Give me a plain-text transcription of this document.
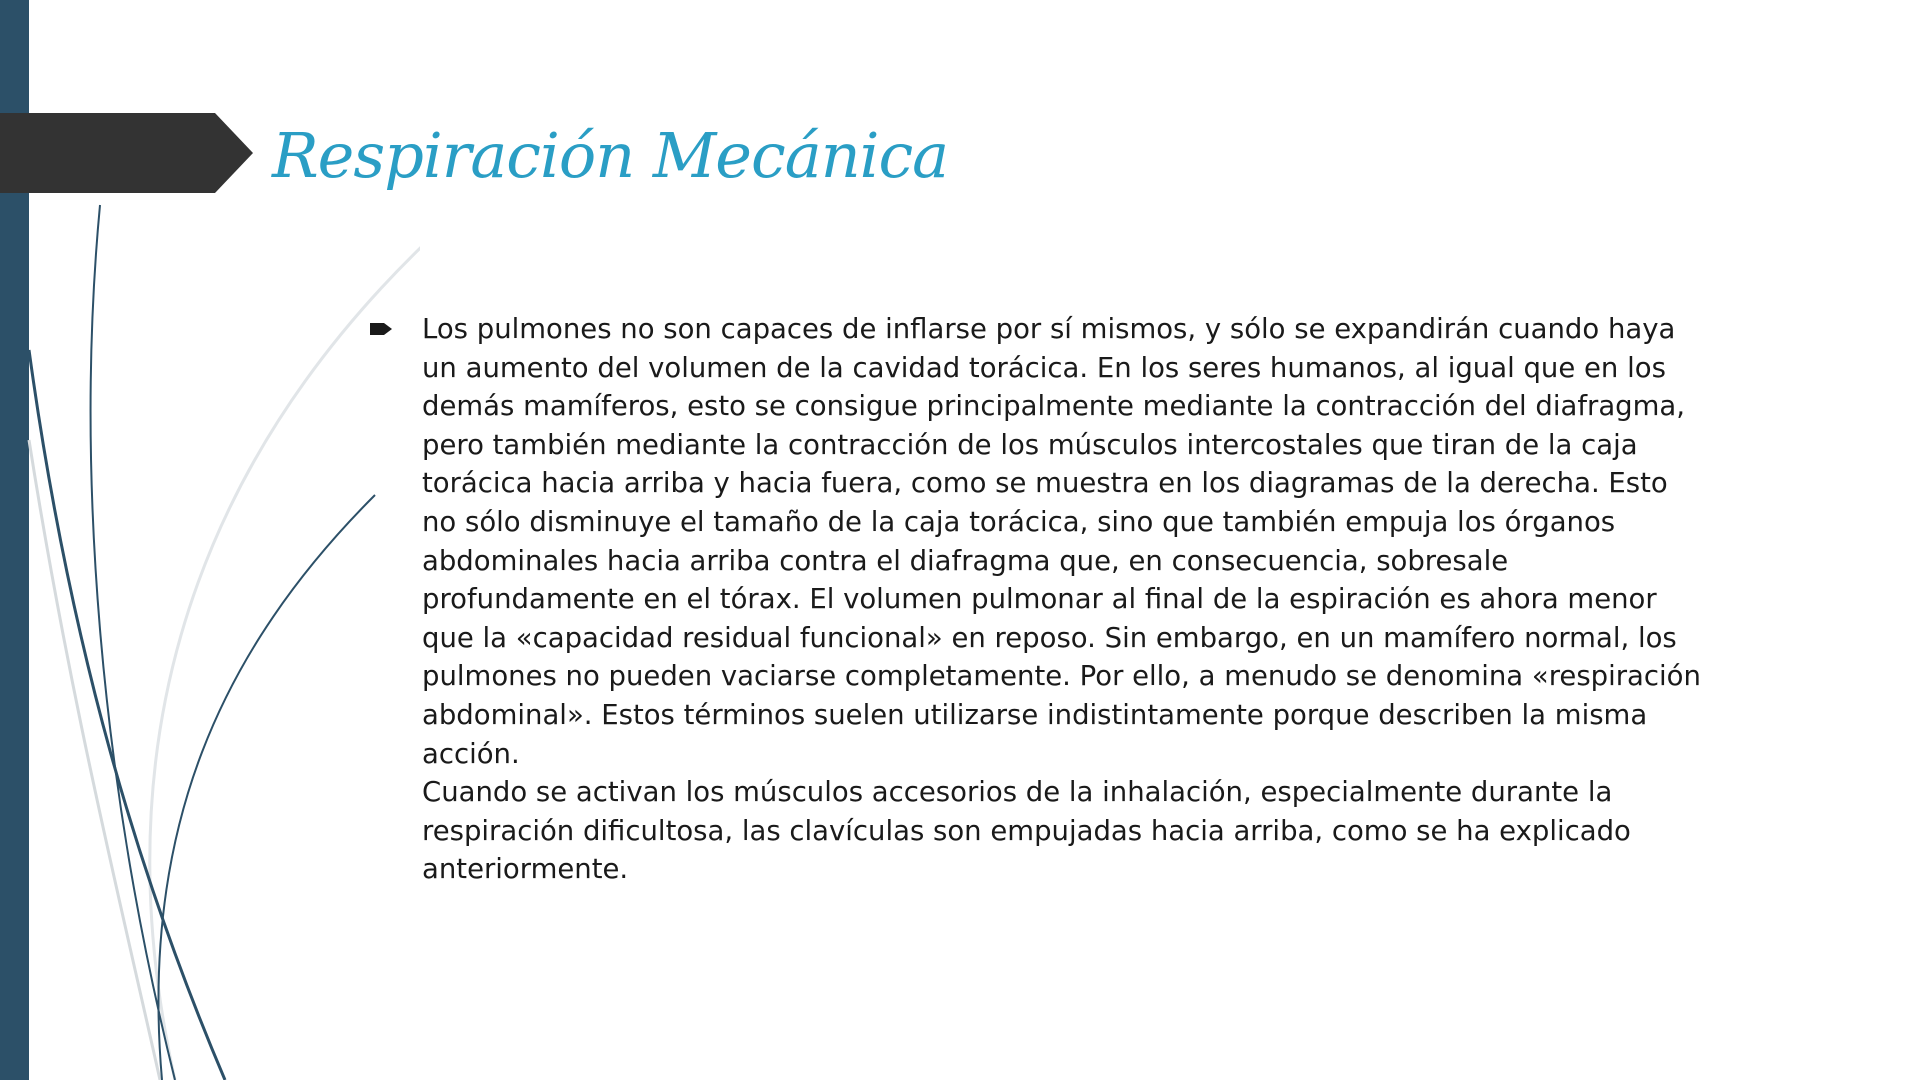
Respiración Mecánica

Los pulmones no son capaces de inflarse por sí mismos, y sólo se expandirán cuando haya un aumento del volumen de la cavidad torácica. En los seres humanos, al igual que en los demás mamíferos, esto se consigue principalmente mediante la contracción del diafragma, pero también mediante la contracción de los músculos intercostales que tiran de la caja torácica hacia arriba y hacia fuera, como se muestra en los diagramas de la derecha. Esto no sólo disminuye el tamaño de la caja torácica, sino que también empuja los órganos abdominales hacia arriba contra el diafragma que, en consecuencia, sobresale profundamente en el tórax. El volumen pulmonar al final de la espiración es ahora menor que la «capacidad residual funcional» en reposo. Sin embargo, en un mamífero normal, los pulmones no pueden vaciarse completamente. Por ello, a menudo se denomina «respiración abdominal». Estos términos suelen utilizarse indistintamente porque describen la misma acción.

Cuando se activan los músculos accesorios de la inhalación, especialmente durante la respiración dificultosa, las clavículas son empujadas hacia arriba, como se ha explicado anteriormente.
